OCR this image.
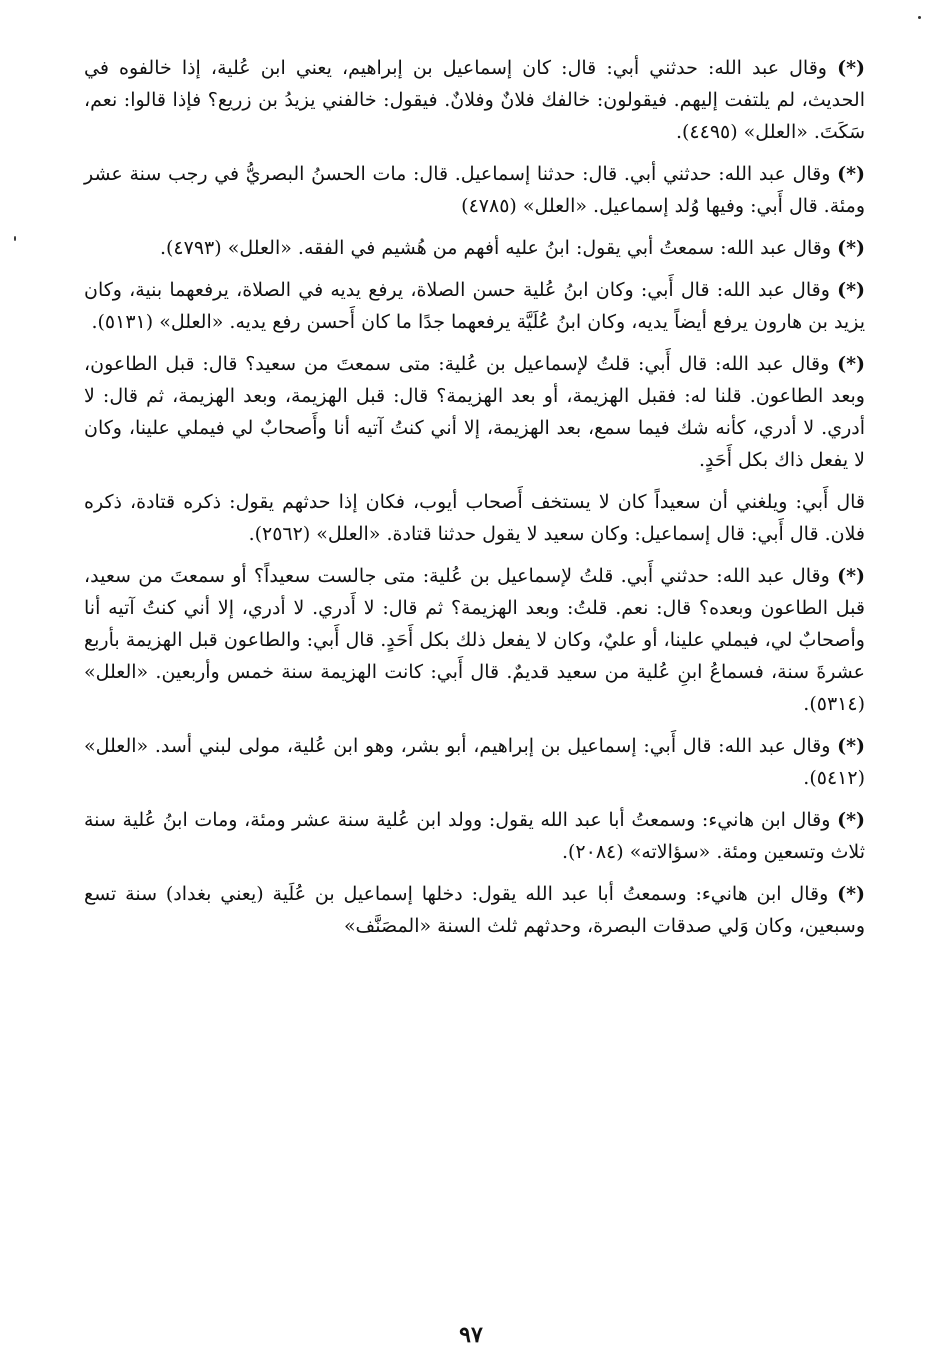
(*) وقال عبد الله: حدثني أبي: قال: كان إسماعيل بن إبراهيم، يعني ابن عُلية، إذا خالفوه في الحديث، لم يلتفت إليهم. فيقولون: خالفك فلانٌ وفلانٌ. فيقول: خالفني يزيدُ بن زريع؟ فإذا قالوا: نعم، سَكَتَ. «العلل» (٤٤٩٥).

(*) وقال عبد الله: حدثني أبي. قال: حدثنا إسماعيل. قال: مات الحسنُ البصريُّ في رجب سنة عشر ومئة. قال أَبي: وفيها وُلد إسماعيل. «العلل» (٤٧٨٥)

(*) وقال عبد الله: سمعتُ أبي يقول: ابنُ عليه أفهم من هُشيم في الفقه. «العلل» (٤٧٩٣).

(*) وقال عبد الله: قال أَبي: وكان ابنُ عُلية حسن الصلاة، يرفع يديه في الصلاة، يرفعهما بنية، وكان يزيد بن هارون يرفع أيضاً يديه، وكان ابنُ عُلَيَّة يرفعهما جدًا ما كان أَحسن رفع يديه. «العلل» (٥١٣١).

(*) وقال عبد الله: قال أَبي: قلتُ لإسماعيل بن عُلية: متى سمعتَ من سعيد؟ قال: قبل الطاعون، وبعد الطاعون. قلنا له: فقبل الهزيمة، أو بعد الهزيمة؟ قال: قبل الهزيمة، وبعد الهزيمة، ثم قال: لا أدري. لا أدري، كأنه شك فيما سمع، بعد الهزيمة، إلا أني كنتُ آتيه أنا وأَصحابٌ لي فيملي علينا، وكان لا يفعل ذاك بكل أَحَدٍ.

قال أَبي: ويلغني أن سعيداً كان لا يستخف أَصحاب أيوب، فكان إذا حدثهم يقول: ذكره قتادة، ذكره فلان. قال أَبي: قال إسماعيل: وكان سعيد لا يقول حدثنا قتادة. «العلل» (٢٥٦٢).

(*) وقال عبد الله: حدثني أَبي. قلتُ لإسماعيل بن عُلية: متى جالست سعيداً؟ أو سمعتَ من سعيد، قبل الطاعون وبعده؟ قال: نعم. قلتُ: وبعد الهزيمة؟ ثم قال: لا أَدري. لا أدري، إلا أني كنتُ آتيه أنا وأصحابٌ لي، فيملي علينا، أو عليٌ، وكان لا يفعل ذلك بكل أَحَدٍ. قال أَبي: والطاعون قبل الهزيمة بأربع عشرةَ سنة، فسماعُ ابنِ عُلية من سعيد قديمٌ. قال أَبي: كانت الهزيمة سنة خمس وأربعين. «العلل» (٥٣١٤).

(*) وقال عبد الله: قال أَبي: إسماعيل بن إبراهيم، أبو بشر، وهو ابن عُلية، مولى لبني أسد. «العلل» (٥٤١٢).

(*) وقال ابن هانيء: وسمعتُ أبا عبد الله يقول: وولد ابن عُلية سنة عشر ومئة، ومات ابنُ عُلية سنة ثلاث وتسعين ومئة. «سؤالاته» (٢٠٨٤).

(*) وقال ابن هانيء: وسمعتُ أبا عبد الله يقول: دخلها إسماعيل بن عُلَية (يعني بغداد) سنة تسع وسبعين، وكان وَلي صدقات البصرة، وحدثهم ثلث السنة «المصَنَّف»

٩٧
